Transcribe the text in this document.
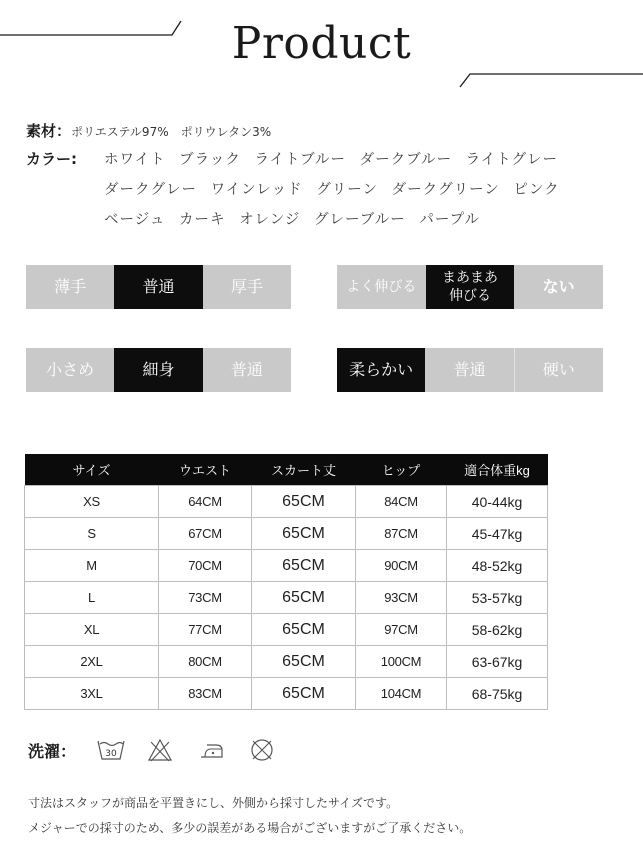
Product
素材：ポリエステル97%　ポリウレタン3%
カラー: ホワイト ブラック ライトブルー ダークブルー ライトグレー
ダークグレー ワインレッド グリーン ダークグリーン ピンク
ベージュ カーキ オレンジ グレーブルー パープル
薄手	普通	厚手	よく伸びる
まあまあ
伸びる	ない
小さめ	細身	普通	柔らかい	普通	硬い
サイズ	ウエスト	スカート丈	ヒップ	適合体重kg
XS	64CM	65CM	84CM	40-44kg
S	67CM	65CM	87CM	45-47kg
M	70CM	65CM	90CM	48-52kg
L	73CM	65CM	93CM	53-57kg
XL	77CM	65CM	97CM	58-62kg
2XL	80CM	65CM	100CM	63-67kg
3XL	83CM	65CM	104CM	68-75kg
洗濯：	30
寸法はスタッフが商品を平置きにし、外側から採寸したサイズです。
メジャーでの採寸のため、多少の誤差がある場合がございますがご了承ください。
